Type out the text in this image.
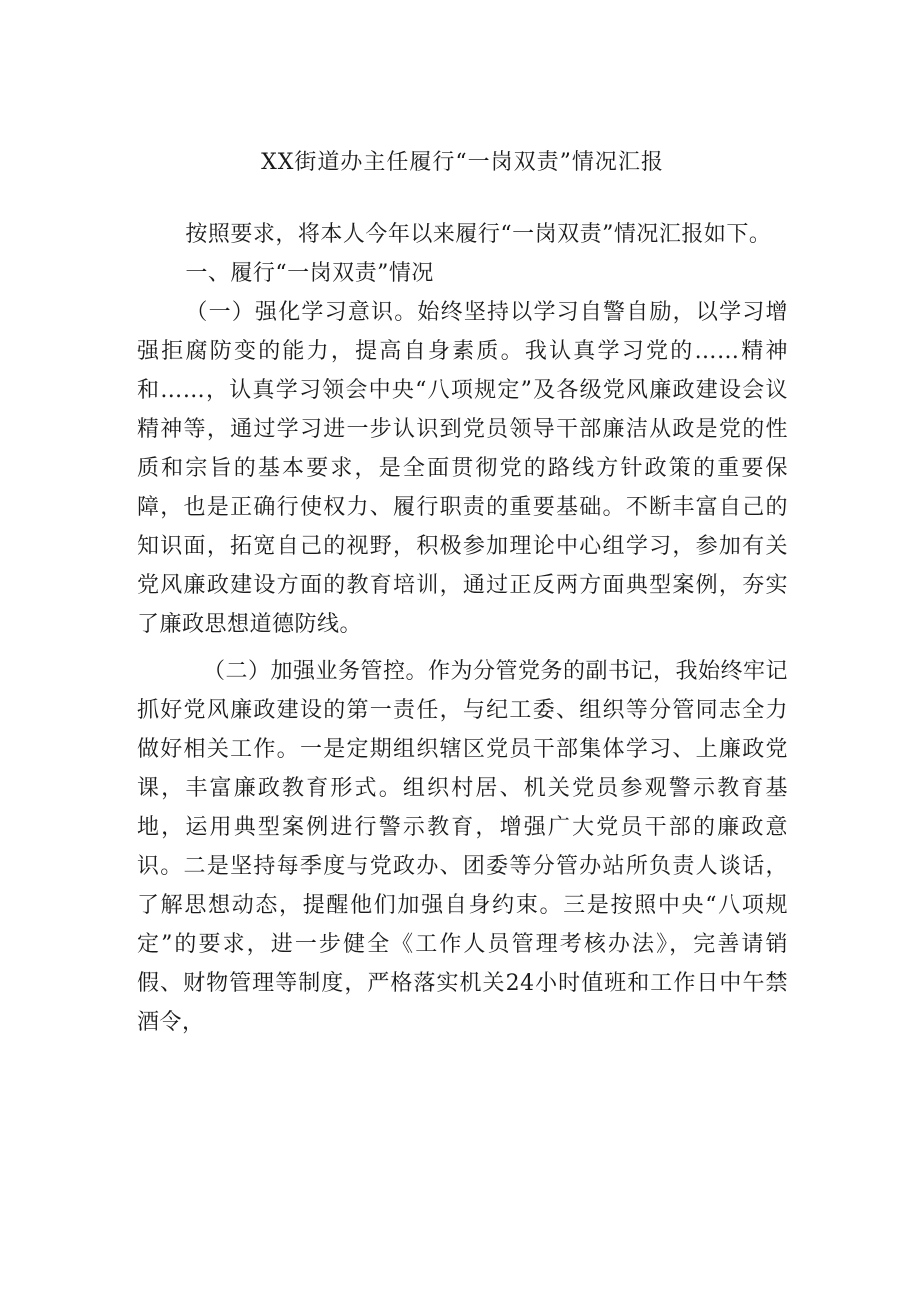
XX街道办主任履行“一岗双责”情况汇报

按照要求，将本人今年以来履行“一岗双责”情况汇报如下。

一、履行“一岗双责”情况

（一）强化学习意识。始终坚持以学习自警自励，以学习增强拒腐防变的能力，提高自身素质。我认真学习党的……精神和……，认真学习领会中央“八项规定”及各级党风廉政建设会议精神等，通过学习进一步认识到党员领导干部廉洁从政是党的性质和宗旨的基本要求，是全面贯彻党的路线方针政策的重要保障，也是正确行使权力、履行职责的重要基础。不断丰富自己的知识面，拓宽自己的视野，积极参加理论中心组学习，参加有关党风廉政建设方面的教育培训，通过正反两方面典型案例，夯实了廉政思想道德防线。

（二）加强业务管控。作为分管党务的副书记，我始终牢记抓好党风廉政建设的第一责任，与纪工委、组织等分管同志全力做好相关工作。一是定期组织辖区党员干部集体学习、上廉政党课，丰富廉政教育形式。组织村居、机关党员参观警示教育基地，运用典型案例进行警示教育，增强广大党员干部的廉政意识。二是坚持每季度与党政办、团委等分管办站所负责人谈话，了解思想动态，提醒他们加强自身约束。三是按照中央“八项规定”的要求，进一步健全《工作人员管理考核办法》，完善请销假、财物管理等制度，严格落实机关24小时值班和工作日中午禁酒令，
